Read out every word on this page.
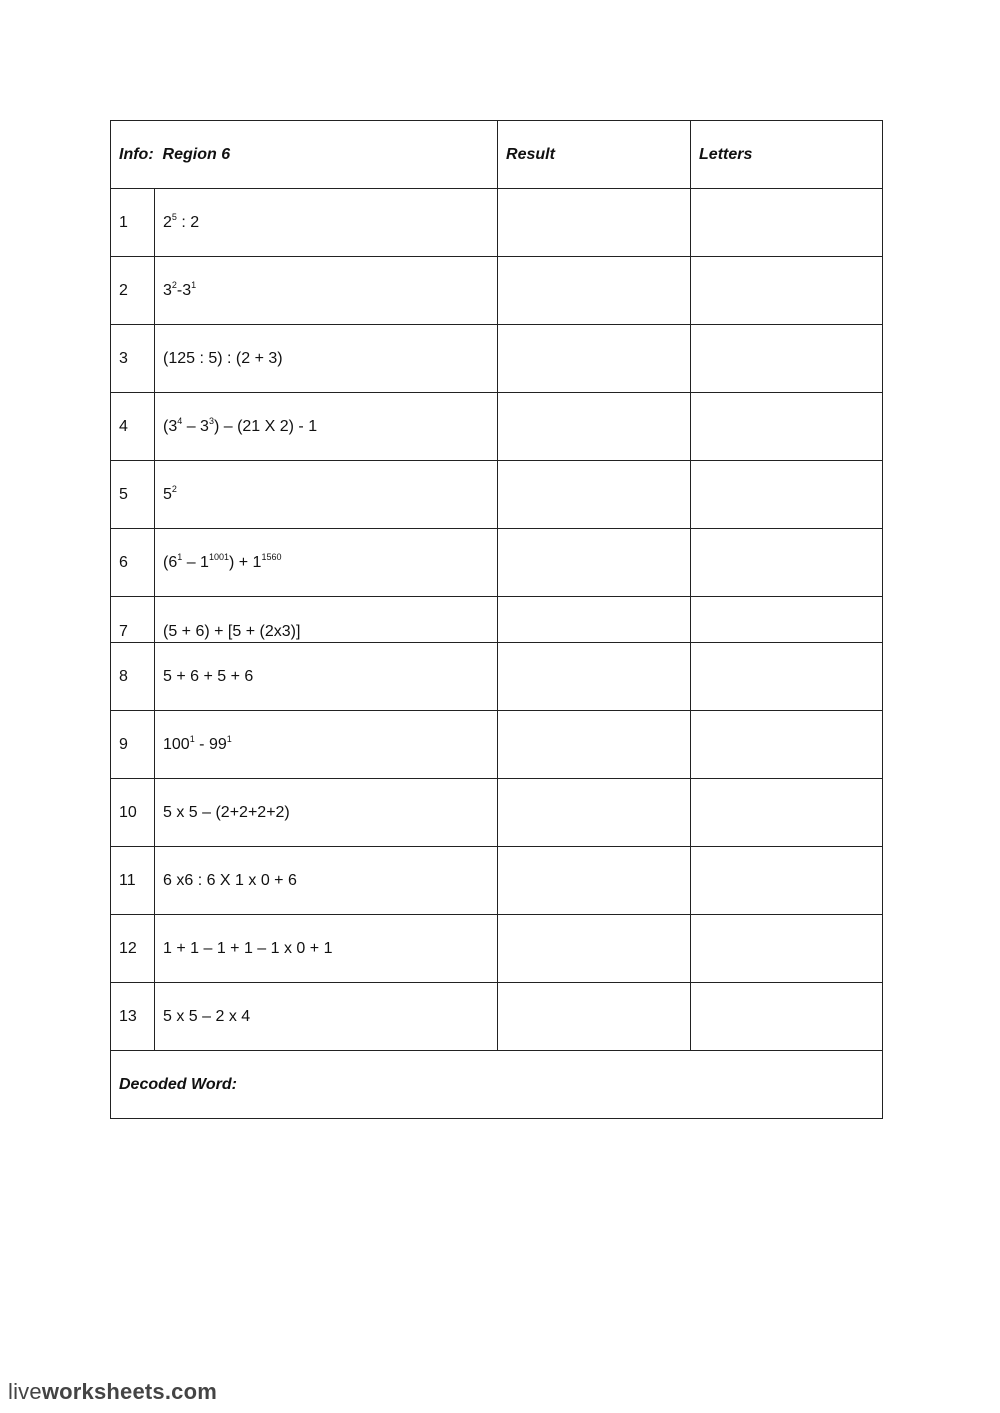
Info: Region 6		Result	Letters
1	$2^5$ : 2		
2	$3^2-3^1$		
3	(125 : 5) : (2 + 3)		
4	$(3^4 - 3^3) - (21$ X 2) - 1		
5	$5^2$		
6	$(6^1 - 1^{1001}) + 1^{1560}$		
7	(5 + 6) + [5 + (2x3)]		
8	5 + 6 + 5 + 6		
9	$100^1 - 99^1$		
10	5 x 5 – (2+2+2+2)		
11	6 x6 : 6 X 1 x 0 + 6		
12	1 + 1 – 1 + 1 – 1 x 0 + 1		
13	5 x 5 – 2 x 4		
Decoded Word:			
liveworksheets.com
